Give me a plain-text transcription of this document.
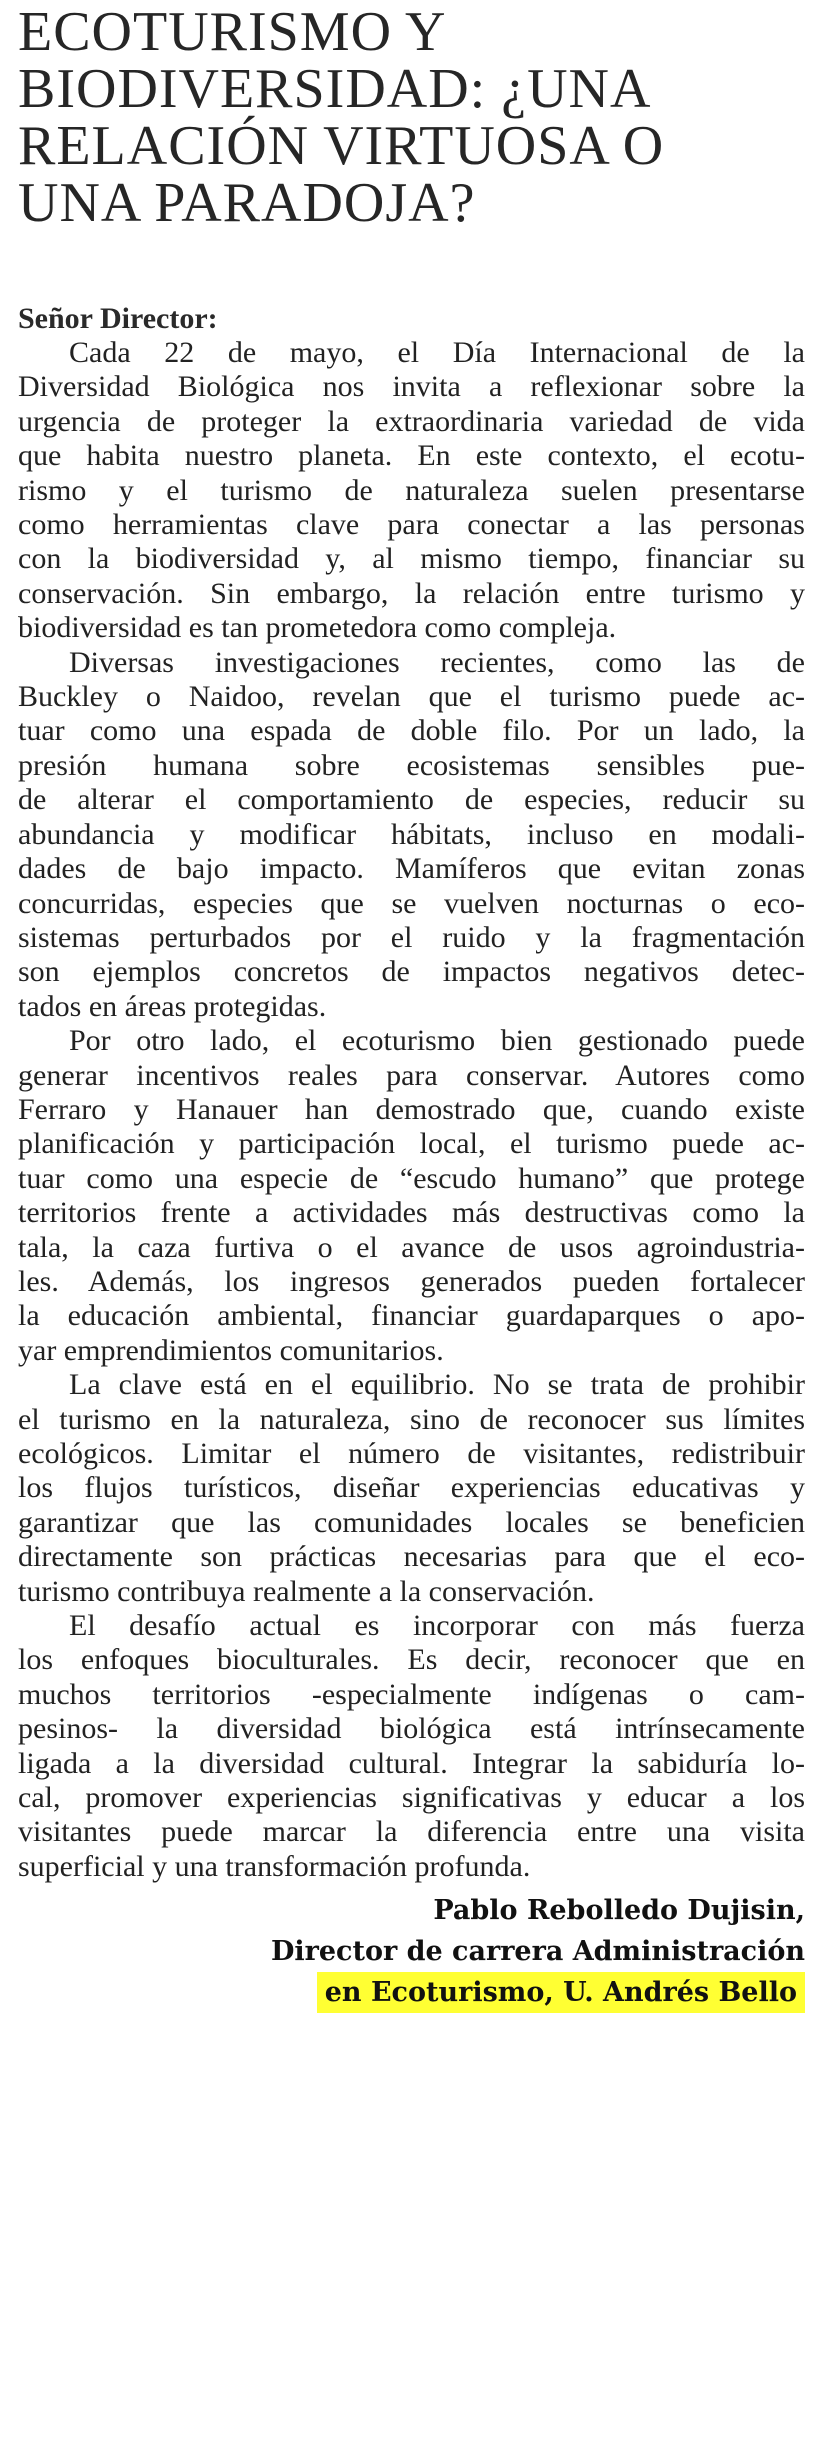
ECOTURISMO Y
BIODIVERSIDAD: ¿UNA
RELACIÓN VIRTUOSA O
UNA PARADOJA?

Señor Director:

Cada 22 de mayo, el Día Internacional de la
Diversidad Biológica nos invita a reflexionar sobre la
urgencia de proteger la extraordinaria variedad de vida
que habita nuestro planeta. En este contexto, el ecotu-
rismo y el turismo de naturaleza suelen presentarse
como herramientas clave para conectar a las personas
con la biodiversidad y, al mismo tiempo, financiar su
conservación. Sin embargo, la relación entre turismo y
biodiversidad es tan prometedora como compleja.

Diversas investigaciones recientes, como las de
Buckley o Naidoo, revelan que el turismo puede ac-
tuar como una espada de doble filo. Por un lado, la
presión humana sobre ecosistemas sensibles pue-
de alterar el comportamiento de especies, reducir su
abundancia y modificar hábitats, incluso en modali-
dades de bajo impacto. Mamíferos que evitan zonas
concurridas, especies que se vuelven nocturnas o eco-
sistemas perturbados por el ruido y la fragmentación
son ejemplos concretos de impactos negativos detec-
tados en áreas protegidas.

Por otro lado, el ecoturismo bien gestionado puede
generar incentivos reales para conservar. Autores como
Ferraro y Hanauer han demostrado que, cuando existe
planificación y participación local, el turismo puede ac-
tuar como una especie de “escudo humano” que protege
territorios frente a actividades más destructivas como la
tala, la caza furtiva o el avance de usos agroindustria-
les. Además, los ingresos generados pueden fortalecer
la educación ambiental, financiar guardaparques o apo-
yar emprendimientos comunitarios.

La clave está en el equilibrio. No se trata de prohibir
el turismo en la naturaleza, sino de reconocer sus límites
ecológicos. Limitar el número de visitantes, redistribuir
los flujos turísticos, diseñar experiencias educativas y
garantizar que las comunidades locales se beneficien
directamente son prácticas necesarias para que el eco-
turismo contribuya realmente a la conservación.

El desafío actual es incorporar con más fuerza
los enfoques bioculturales. Es decir, reconocer que en
muchos territorios -especialmente indígenas o cam-
pesinos- la diversidad biológica está intrínsecamente
ligada a la diversidad cultural. Integrar la sabiduría lo-
cal, promover experiencias significativas y educar a los
visitantes puede marcar la diferencia entre una visita
superficial y una transformación profunda.

Pablo Rebolledo Dujisin,
Director de carrera Administración
en Ecoturismo, U. Andrés Bello
